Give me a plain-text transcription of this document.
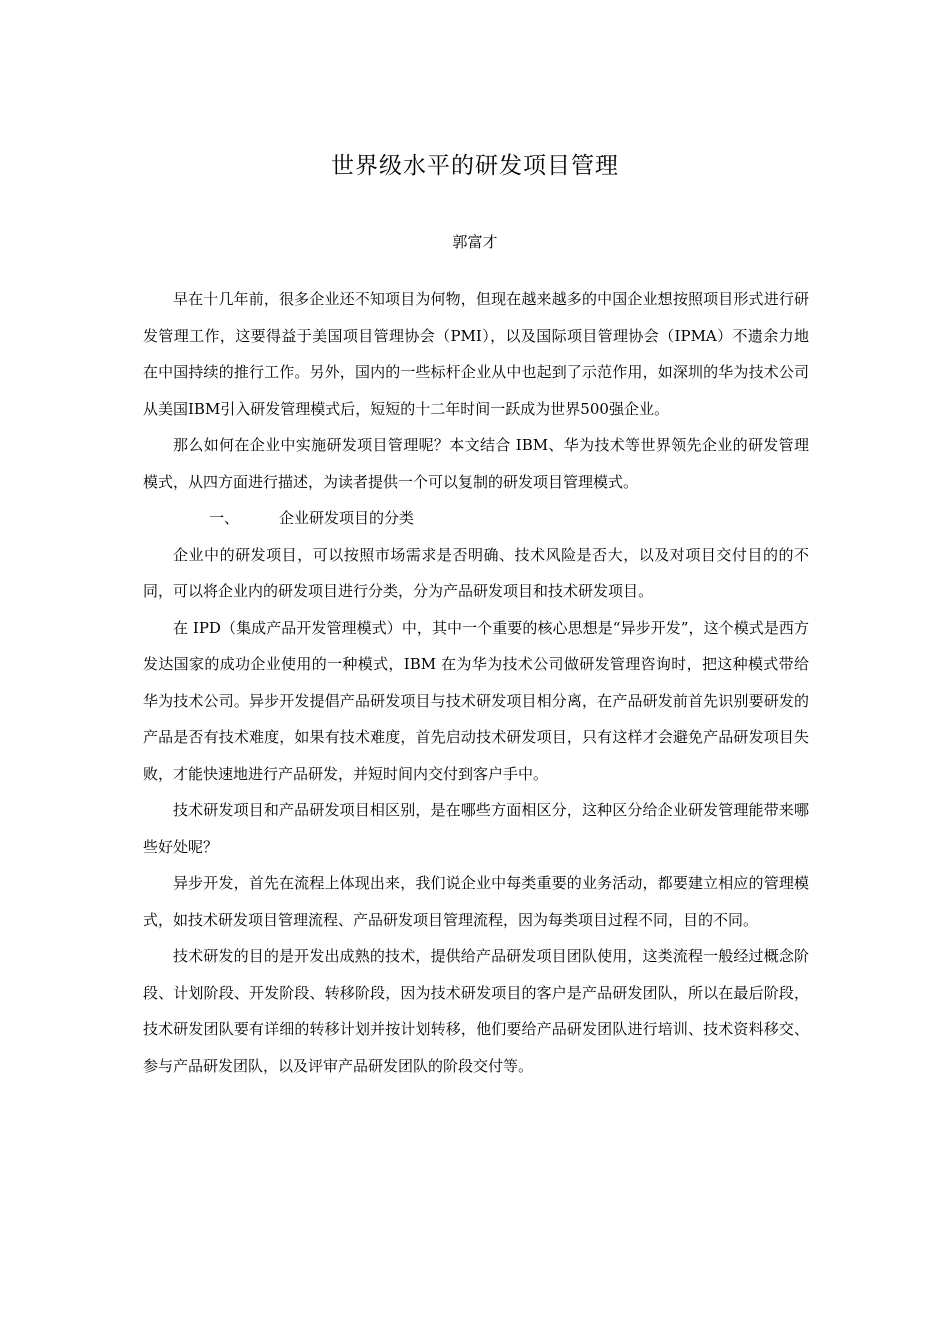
世界级水平的研发项目管理
郭富才

早在十几年前，很多企业还不知项目为何物，但现在越来越多的中国企业想按照项目形式进行研发管理工作，这要得益于美国项目管理协会（PMI），以及国际项目管理协会（IPMA）不遗余力地在中国持续的推行工作。另外，国内的一些标杆企业从中也起到了示范作用，如深圳的华为技术公司从美国IBM引入研发管理模式后，短短的十二年时间一跃成为世界500强企业。

那么如何在企业中实施研发项目管理呢？本文结合 IBM、华为技术等世界领先企业的研发管理模式，从四方面进行描述，为读者提供一个可以复制的研发项目管理模式。

一、	企业研发项目的分类

企业中的研发项目，可以按照市场需求是否明确、技术风险是否大，以及对项目交付目的的不同，可以将企业内的研发项目进行分类，分为产品研发项目和技术研发项目。

在 IPD（集成产品开发管理模式）中，其中一个重要的核心思想是“异步开发”，这个模式是西方发达国家的成功企业使用的一种模式，IBM 在为华为技术公司做研发管理咨询时，把这种模式带给华为技术公司。异步开发提倡产品研发项目与技术研发项目相分离，在产品研发前首先识别要研发的产品是否有技术难度，如果有技术难度，首先启动技术研发项目，只有这样才会避免产品研发项目失败，才能快速地进行产品研发，并短时间内交付到客户手中。

技术研发项目和产品研发项目相区别，是在哪些方面相区分，这种区分给企业研发管理能带来哪些好处呢？

异步开发，首先在流程上体现出来，我们说企业中每类重要的业务活动，都要建立相应的管理模式，如技术研发项目管理流程、产品研发项目管理流程，因为每类项目过程不同，目的不同。

技术研发的目的是开发出成熟的技术，提供给产品研发项目团队使用，这类流程一般经过概念阶段、计划阶段、开发阶段、转移阶段，因为技术研发项目的客户是产品研发团队，所以在最后阶段，技术研发团队要有详细的转移计划并按计划转移，他们要给产品研发团队进行培训、技术资料移交、参与产品研发团队，以及评审产品研发团队的阶段交付等。
